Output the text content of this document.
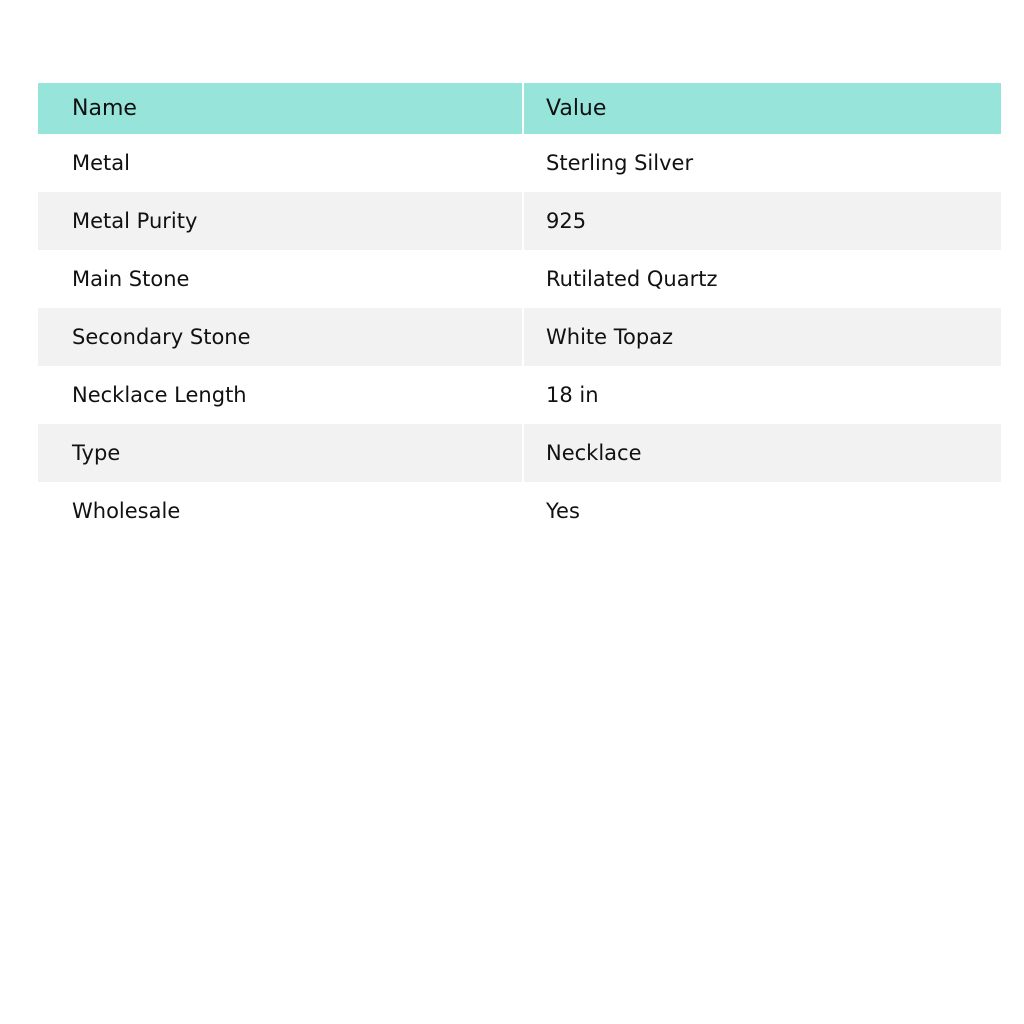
Name	Value
Metal	Sterling Silver
Metal Purity	925
Main Stone	Rutilated Quartz
Secondary Stone	White Topaz
Necklace Length	18 in
Type	Necklace
Wholesale	Yes
